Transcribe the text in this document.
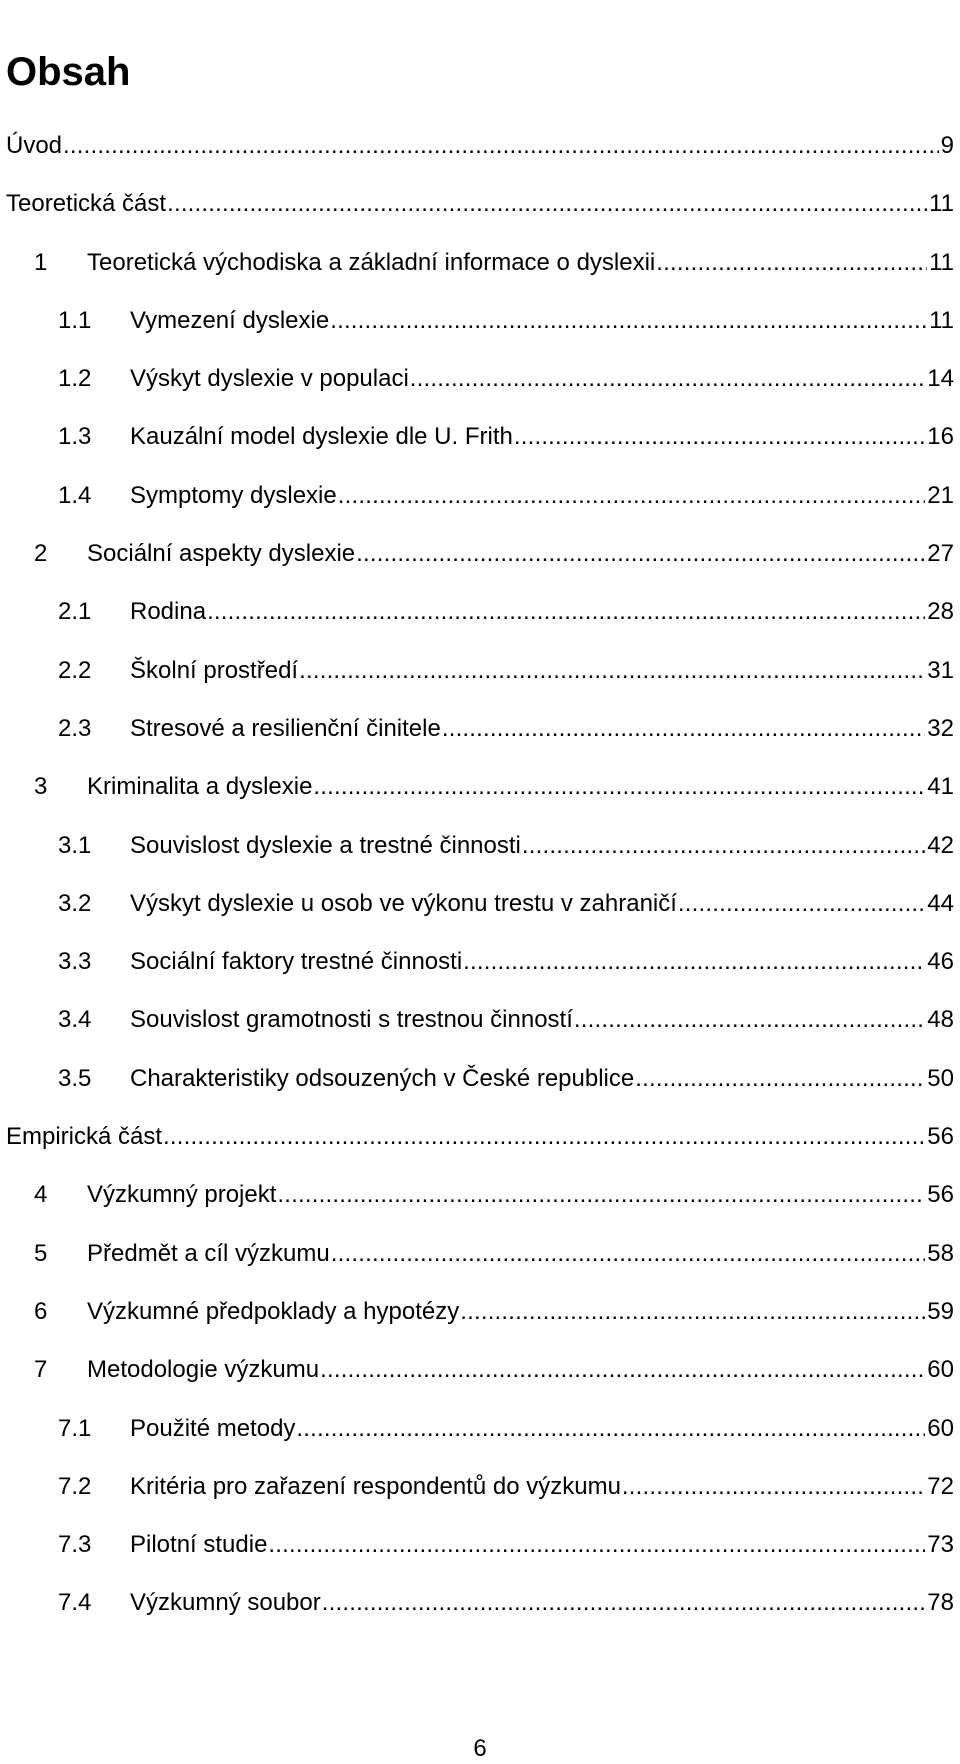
Obsah
Úvod .....	9
Teoretická část .....	11
1	Teoretická východiska a základní informace o dyslexii .....	11
1.1	Vymezení dyslexie .....	11
1.2	Výskyt dyslexie v populaci .....	14
1.3	Kauzální model dyslexie dle U. Frith .....	16
1.4	Symptomy dyslexie .....	21
2	Sociální aspekty dyslexie .....	27
2.1	Rodina .....	28
2.2	Školní prostředí .....	31
2.3	Stresové a resilienční činitele .....	32
3	Kriminalita a dyslexie .....	41
3.1	Souvislost dyslexie a trestné činnosti .....	42
3.2	Výskyt dyslexie u osob ve výkonu trestu v zahraničí .....	44
3.3	Sociální faktory trestné činnosti .....	46
3.4	Souvislost gramotnosti s trestnou činností .....	48
3.5	Charakteristiky odsouzených v České republice .....	50
Empirická část .....	56
4	Výzkumný projekt .....	56
5	Předmět a cíl výzkumu .....	58
6	Výzkumné předpoklady a hypotézy .....	59
7	Metodologie výzkumu .....	60
7.1	Použité metody .....	60
7.2	Kritéria pro zařazení respondentů do výzkumu .....	72
7.3	Pilotní studie .....	73
7.4	Výzkumný soubor .....	78
6
